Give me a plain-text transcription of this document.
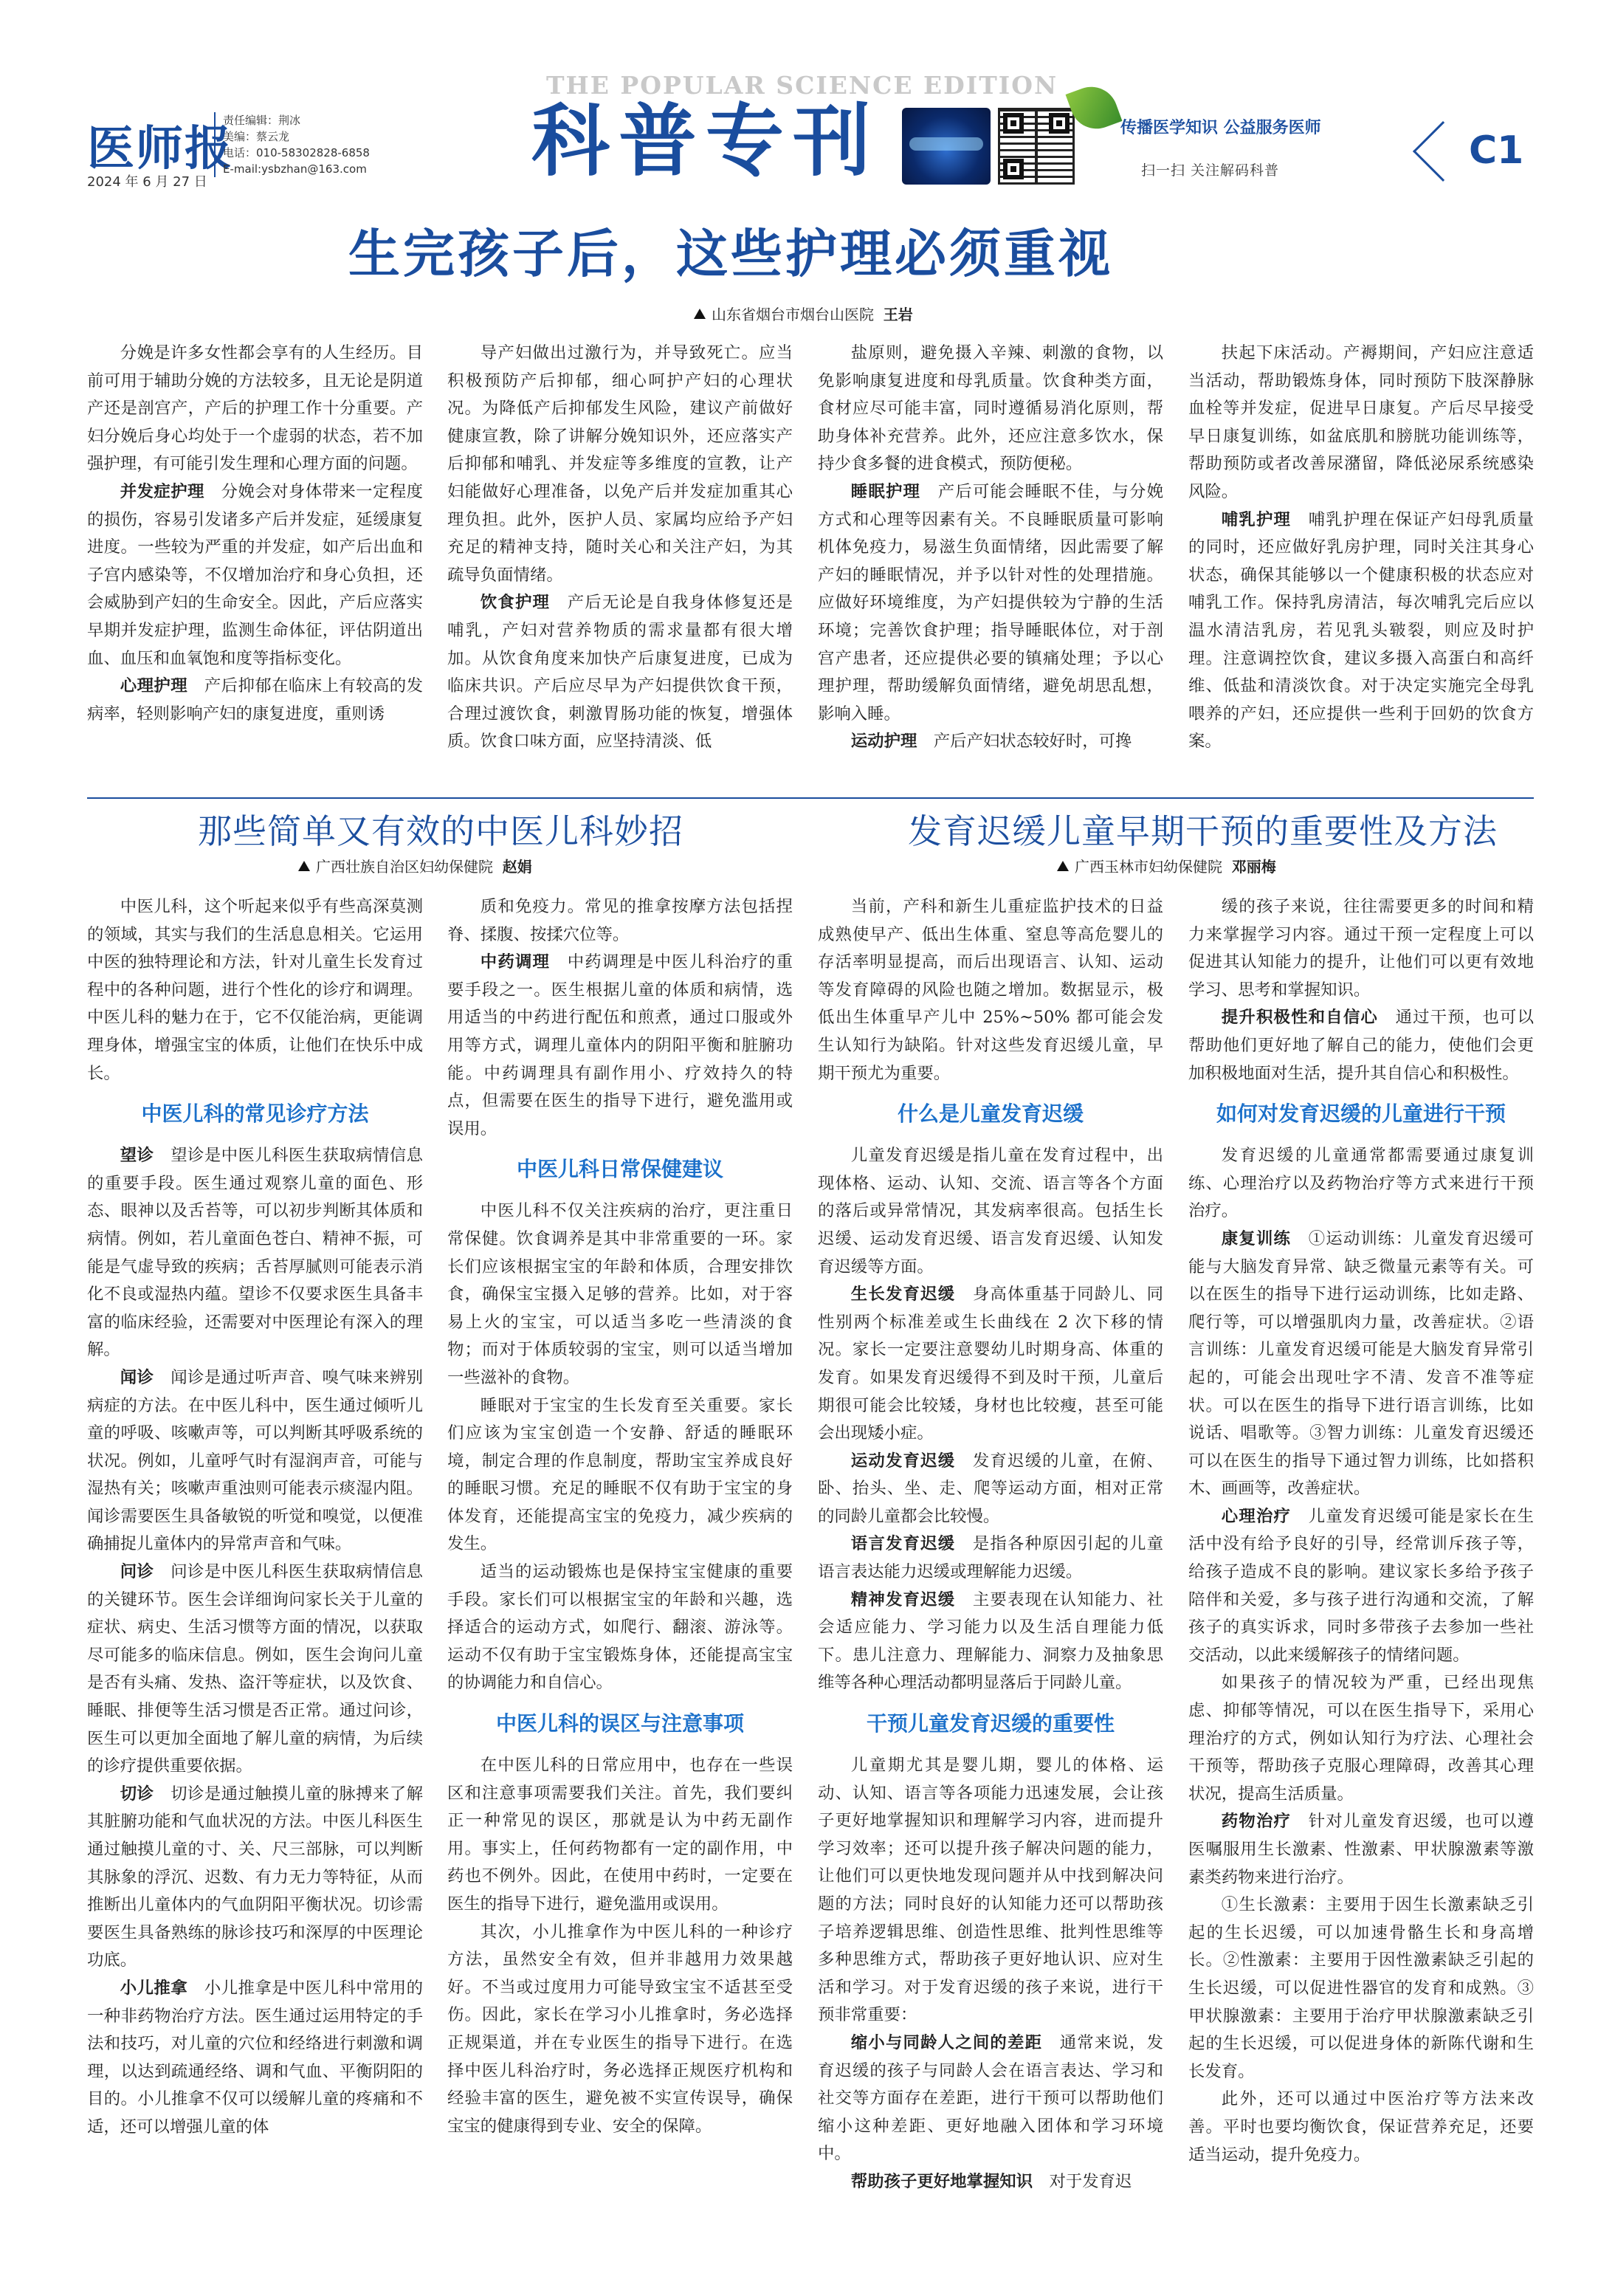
医师报
2024 年 6 月 27 日
责任编辑：荆冰
美编：蔡云龙
电话：010-58302828-6858
E-mail:ysbzhan@163.com
THE POPULAR SCIENCE EDITION
科普专刊	传播医学知识 公益服务医师
扫一扫 关注解码科普	C1
生完孩子后，这些护理必须重视
山东省烟台市烟台山医院 王岩

分娩是许多女性都会享有的人生经历。目前可用于辅助分娩的方法较多，且无论是阴道产还是剖宫产，产后的护理工作十分重要。产妇分娩后身心均处于一个虚弱的状态，若不加强护理，有可能引发生理和心理方面的问题。

并发症护理　 分娩会对身体带来一定程度的损伤，容易引发诸多产后并发症，延缓康复进度。一些较为严重的并发症，如产后出血和子宫内感染等，不仅增加治疗和身心负担，还会威胁到产妇的生命安全。因此，产后应落实早期并发症护理，监测生命体征，评估阴道出血、血压和血氧饱和度等指标变化。

心理护理　 产后抑郁在临床上有较高的发病率，轻则影响产妇的康复进度，重则诱

导产妇做出过激行为，并导致死亡。应当积极预防产后抑郁，细心呵护产妇的心理状况。为降低产后抑郁发生风险，建议产前做好健康宣教，除了讲解分娩知识外，还应落实产后抑郁和哺乳、并发症等多维度的宣教，让产妇能做好心理准备，以免产后并发症加重其心理负担。此外，医护人员、家属均应给予产妇充足的精神支持，随时关心和关注产妇，为其疏导负面情绪。

饮食护理　 产后无论是自我身体修复还是哺乳，产妇对营养物质的需求量都有很大增加。从饮食角度来加快产后康复进度，已成为临床共识。产后应尽早为产妇提供饮食干预，合理过渡饮食，刺激胃肠功能的恢复，增强体质。饮食口味方面，应坚持清淡、低

盐原则，避免摄入辛辣、刺激的食物，以免影响康复进度和母乳质量。饮食种类方面，食材应尽可能丰富，同时遵循易消化原则，帮助身体补充营养。此外，还应注意多饮水，保持少食多餐的进食模式，预防便秘。

睡眠护理　 产后可能会睡眠不佳，与分娩方式和心理等因素有关。不良睡眠质量可影响机体免疫力，易滋生负面情绪，因此需要了解产妇的睡眠情况，并予以针对性的处理措施。应做好环境维度，为产妇提供较为宁静的生活环境；完善饮食护理；指导睡眠体位，对于剖宫产患者，还应提供必要的镇痛处理；予以心理护理，帮助缓解负面情绪，避免胡思乱想，影响入睡。

运动护理　 产后产妇状态较好时，可搀

扶起下床活动。产褥期间，产妇应注意适当活动，帮助锻炼身体，同时预防下肢深静脉血栓等并发症，促进早日康复。产后尽早接受早日康复训练，如盆底肌和膀胱功能训练等，帮助预防或者改善尿潴留，降低泌尿系统感染风险。

哺乳护理　 哺乳护理在保证产妇母乳质量的同时，还应做好乳房护理，同时关注其身心状态，确保其能够以一个健康积极的状态应对哺乳工作。保持乳房清洁，每次哺乳完后应以温水清洁乳房，若见乳头皲裂，则应及时护理。注意调控饮食，建议多摄入高蛋白和高纤维、低盐和清淡饮食。对于决定实施完全母乳喂养的产妇，还应提供一些利于回奶的饮食方案。

那些简单又有效的中医儿科妙招
广西壮族自治区妇幼保健院 赵娟

中医儿科，这个听起来似乎有些高深莫测的领域，其实与我们的生活息息相关。它运用中医的独特理论和方法，针对儿童生长发育过程中的各种问题，进行个性化的诊疗和调理。中医儿科的魅力在于，它不仅能治病，更能调理身体，增强宝宝的体质，让他们在快乐中成长。

中医儿科的常见诊疗方法

望诊　 望诊是中医儿科医生获取病情信息的重要手段。医生通过观察儿童的面色、形态、眼神以及舌苔等，可以初步判断其体质和病情。例如，若儿童面色苍白、精神不振，可能是气虚导致的疾病；舌苔厚腻则可能表示消化不良或湿热内蕴。望诊不仅要求医生具备丰富的临床经验，还需要对中医理论有深入的理解。

闻诊　 闻诊是通过听声音、嗅气味来辨别病症的方法。在中医儿科中，医生通过倾听儿童的呼吸、咳嗽声等，可以判断其呼吸系统的状况。例如，儿童呼气时有湿润声音，可能与湿热有关；咳嗽声重浊则可能表示痰湿内阻。闻诊需要医生具备敏锐的听觉和嗅觉，以便准确捕捉儿童体内的异常声音和气味。

问诊　 问诊是中医儿科医生获取病情信息的关键环节。医生会详细询问家长关于儿童的症状、病史、生活习惯等方面的情况，以获取尽可能多的临床信息。例如，医生会询问儿童是否有头痛、发热、盗汗等症状，以及饮食、睡眠、排便等生活习惯是否正常。通过问诊，医生可以更加全面地了解儿童的病情，为后续的诊疗提供重要依据。

切诊　 切诊是通过触摸儿童的脉搏来了解其脏腑功能和气血状况的方法。中医儿科医生通过触摸儿童的寸、关、尺三部脉，可以判断其脉象的浮沉、迟数、有力无力等特征，从而推断出儿童体内的气血阴阳平衡状况。切诊需要医生具备熟练的脉诊技巧和深厚的中医理论功底。

小儿推拿　 小儿推拿是中医儿科中常用的一种非药物治疗方法。医生通过运用特定的手法和技巧，对儿童的穴位和经络进行刺激和调理，以达到疏通经络、调和气血、平衡阴阳的目的。小儿推拿不仅可以缓解儿童的疼痛和不适，还可以增强儿童的体

质和免疫力。常见的推拿按摩方法包括捏脊、揉腹、按揉穴位等。

中药调理　 中药调理是中医儿科治疗的重要手段之一。医生根据儿童的体质和病情，选用适当的中药进行配伍和煎煮，通过口服或外用等方式，调理儿童体内的阴阳平衡和脏腑功能。中药调理具有副作用小、疗效持久的特点，但需要在医生的指导下进行，避免滥用或误用。

中医儿科日常保健建议

中医儿科不仅关注疾病的治疗，更注重日常保健。饮食调养是其中非常重要的一环。家长们应该根据宝宝的年龄和体质，合理安排饮食，确保宝宝摄入足够的营养。比如，对于容易上火的宝宝，可以适当多吃一些清淡的食物；而对于体质较弱的宝宝，则可以适当增加一些滋补的食物。

睡眠对于宝宝的生长发育至关重要。家长们应该为宝宝创造一个安静、舒适的睡眠环境，制定合理的作息制度，帮助宝宝养成良好的睡眠习惯。充足的睡眠不仅有助于宝宝的身体发育，还能提高宝宝的免疫力，减少疾病的发生。

适当的运动锻炼也是保持宝宝健康的重要手段。家长们可以根据宝宝的年龄和兴趣，选择适合的运动方式，如爬行、翻滚、游泳等。运动不仅有助于宝宝锻炼身体，还能提高宝宝的协调能力和自信心。

中医儿科的误区与注意事项

在中医儿科的日常应用中，也存在一些误区和注意事项需要我们关注。首先，我们要纠正一种常见的误区，那就是认为中药无副作用。事实上，任何药物都有一定的副作用，中药也不例外。因此，在使用中药时，一定要在医生的指导下进行，避免滥用或误用。

其次，小儿推拿作为中医儿科的一种诊疗方法，虽然安全有效，但并非越用力效果越好。不当或过度用力可能导致宝宝不适甚至受伤。因此，家长在学习小儿推拿时，务必选择正规渠道，并在专业医生的指导下进行。在选择中医儿科治疗时，务必选择正规医疗机构和经验丰富的医生，避免被不实宣传误导，确保宝宝的健康得到专业、安全的保障。

发育迟缓儿童早期干预的重要性及方法
广西玉林市妇幼保健院 邓丽梅

当前，产科和新生儿重症监护技术的日益成熟使早产、低出生体重、窒息等高危婴儿的存活率明显提高，而后出现语言、认知、运动等发育障碍的风险也随之增加。数据显示，极低出生体重早产儿中 25%~50% 都可能会发生认知行为缺陷。针对这些发育迟缓儿童，早期干预尤为重要。

什么是儿童发育迟缓

儿童发育迟缓是指儿童在发育过程中，出现体格、运动、认知、交流、语言等各个方面的落后或异常情况，其发病率很高。包括生长迟缓、运动发育迟缓、语言发育迟缓、认知发育迟缓等方面。

生长发育迟缓　 身高体重基于同龄儿、同性别两个标准差或生长曲线在 2 次下移的情况。家长一定要注意婴幼儿时期身高、体重的发育。如果发育迟缓得不到及时干预，儿童后期很可能会比较矮，身材也比较瘦，甚至可能会出现矮小症。

运动发育迟缓　 发育迟缓的儿童，在俯、卧、抬头、坐、走、爬等运动方面，相对正常的同龄儿童都会比较慢。

语言发育迟缓　 是指各种原因引起的儿童语言表达能力迟缓或理解能力迟缓。

精神发育迟缓　 主要表现在认知能力、社会适应能力、学习能力以及生活自理能力低下。患儿注意力、理解能力、洞察力及抽象思维等各种心理活动都明显落后于同龄儿童。

干预儿童发育迟缓的重要性

儿童期尤其是婴儿期，婴儿的体格、运动、认知、语言等各项能力迅速发展，会让孩子更好地掌握知识和理解学习内容，进而提升学习效率；还可以提升孩子解决问题的能力，让他们可以更快地发现问题并从中找到解决问题的方法；同时良好的认知能力还可以帮助孩子培养逻辑思维、创造性思维、批判性思维等多种思维方式，帮助孩子更好地认识、应对生活和学习。对于发育迟缓的孩子来说，进行干预非常重要：

缩小与同龄人之间的差距　 通常来说，发育迟缓的孩子与同龄人会在语言表达、学习和社交等方面存在差距，进行干预可以帮助他们缩小这种差距、更好地融入团体和学习环境中。

帮助孩子更好地掌握知识　 对于发育迟

缓的孩子来说，往往需要更多的时间和精力来掌握学习内容。通过干预一定程度上可以促进其认知能力的提升，让他们可以更有效地学习、思考和掌握知识。

提升积极性和自信心　 通过干预，也可以帮助他们更好地了解自己的能力，使他们会更加积极地面对生活，提升其自信心和积极性。

如何对发育迟缓的儿童进行干预

发育迟缓的儿童通常都需要通过康复训练、心理治疗以及药物治疗等方式来进行干预治疗。

康复训练　 ①运动训练：儿童发育迟缓可能与大脑发育异常、缺乏微量元素等有关。可以在医生的指导下进行运动训练，比如走路、爬行等，可以增强肌肉力量，改善症状。②语言训练：儿童发育迟缓可能是大脑发育异常引起的，可能会出现吐字不清、发音不准等症状。可以在医生的指导下进行语言训练，比如说话、唱歌等。③智力训练：儿童发育迟缓还可以在医生的指导下通过智力训练，比如搭积木、画画等，改善症状。

心理治疗　 儿童发育迟缓可能是家长在生活中没有给予良好的引导，经常训斥孩子等，给孩子造成不良的影响。建议家长多给予孩子陪伴和关爱，多与孩子进行沟通和交流，了解孩子的真实诉求，同时多带孩子去参加一些社交活动，以此来缓解孩子的情绪问题。

如果孩子的情况较为严重，已经出现焦虑、抑郁等情况，可以在医生指导下，采用心理治疗的方式，例如认知行为疗法、心理社会干预等，帮助孩子克服心理障碍，改善其心理状况，提高生活质量。

药物治疗　 针对儿童发育迟缓，也可以遵医嘱服用生长激素、性激素、甲状腺激素等激素类药物来进行治疗。

①生长激素：主要用于因生长激素缺乏引起的生长迟缓，可以加速骨骼生长和身高增长。②性激素：主要用于因性激素缺乏引起的生长迟缓，可以促进性器官的发育和成熟。③甲状腺激素：主要用于治疗甲状腺激素缺乏引起的生长迟缓，可以促进身体的新陈代谢和生长发育。

此外，还可以通过中医治疗等方法来改善。平时也要均衡饮食，保证营养充足，还要适当运动，提升免疫力。
